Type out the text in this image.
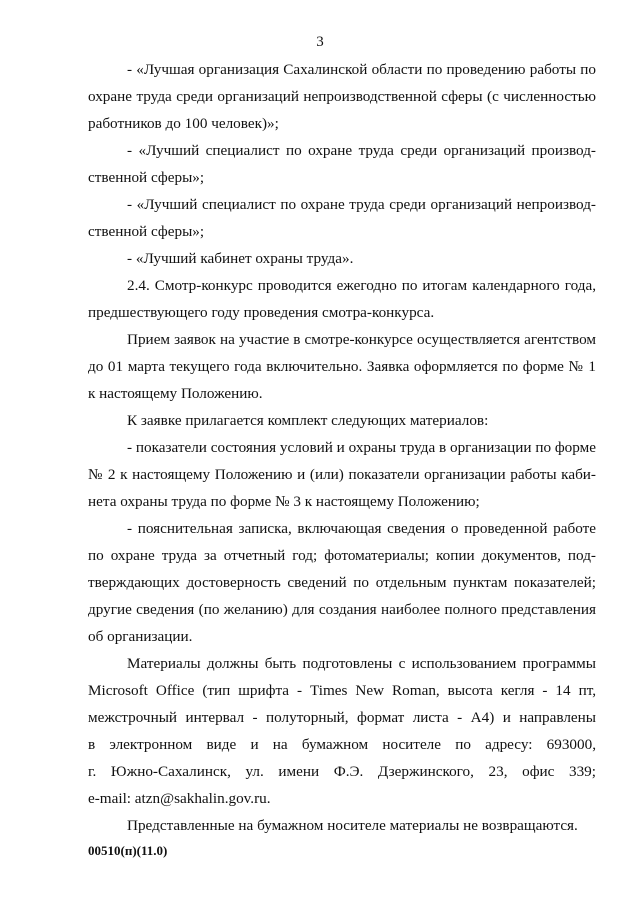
3
- «Лучшая организация Сахалинской области по проведению работы по
охране труда среди организаций непроизводственной сферы (с численностью
работников до 100 человек)»;
- «Лучший специалист по охране труда среди организаций производ-
ственной сферы»;
- «Лучший специалист по охране труда среди организаций непроизвод-
ственной сферы»;
- «Лучший кабинет охраны труда».
2.4. Смотр-конкурс проводится ежегодно по итогам календарного года,
предшествующего году проведения смотра-конкурса.
Прием заявок на участие в смотре-конкурсе осуществляется агентством
до 01 марта текущего года включительно. Заявка оформляется по форме № 1
к настоящему Положению.
К заявке прилагается комплект следующих материалов:
- показатели состояния условий и охраны труда в организации по форме
№ 2 к настоящему Положению и (или) показатели организации работы каби-
нета охраны труда по форме № 3 к настоящему Положению;
- пояснительная записка, включающая сведения о проведенной работе
по охране труда за отчетный год; фотоматериалы; копии документов, под-
тверждающих достоверность сведений по отдельным пунктам показателей;
другие сведения (по желанию) для создания наиболее полного представления
об организации.
Материалы должны быть подготовлены с использованием программы
Microsoft Office (тип шрифта - Times New Roman, высота кегля - 14 пт,
межстрочный интервал - полуторный, формат листа - А4) и направлены
в электронном виде и на бумажном носителе по адресу: 693000,
г. Южно-Сахалинск, ул. имени Ф.Э. Дзержинского, 23, офис 339;
e-mail: atzn@sakhalin.gov.ru.
Представленные на бумажном носителе материалы не возвращаются.
00510(п)(11.0)
